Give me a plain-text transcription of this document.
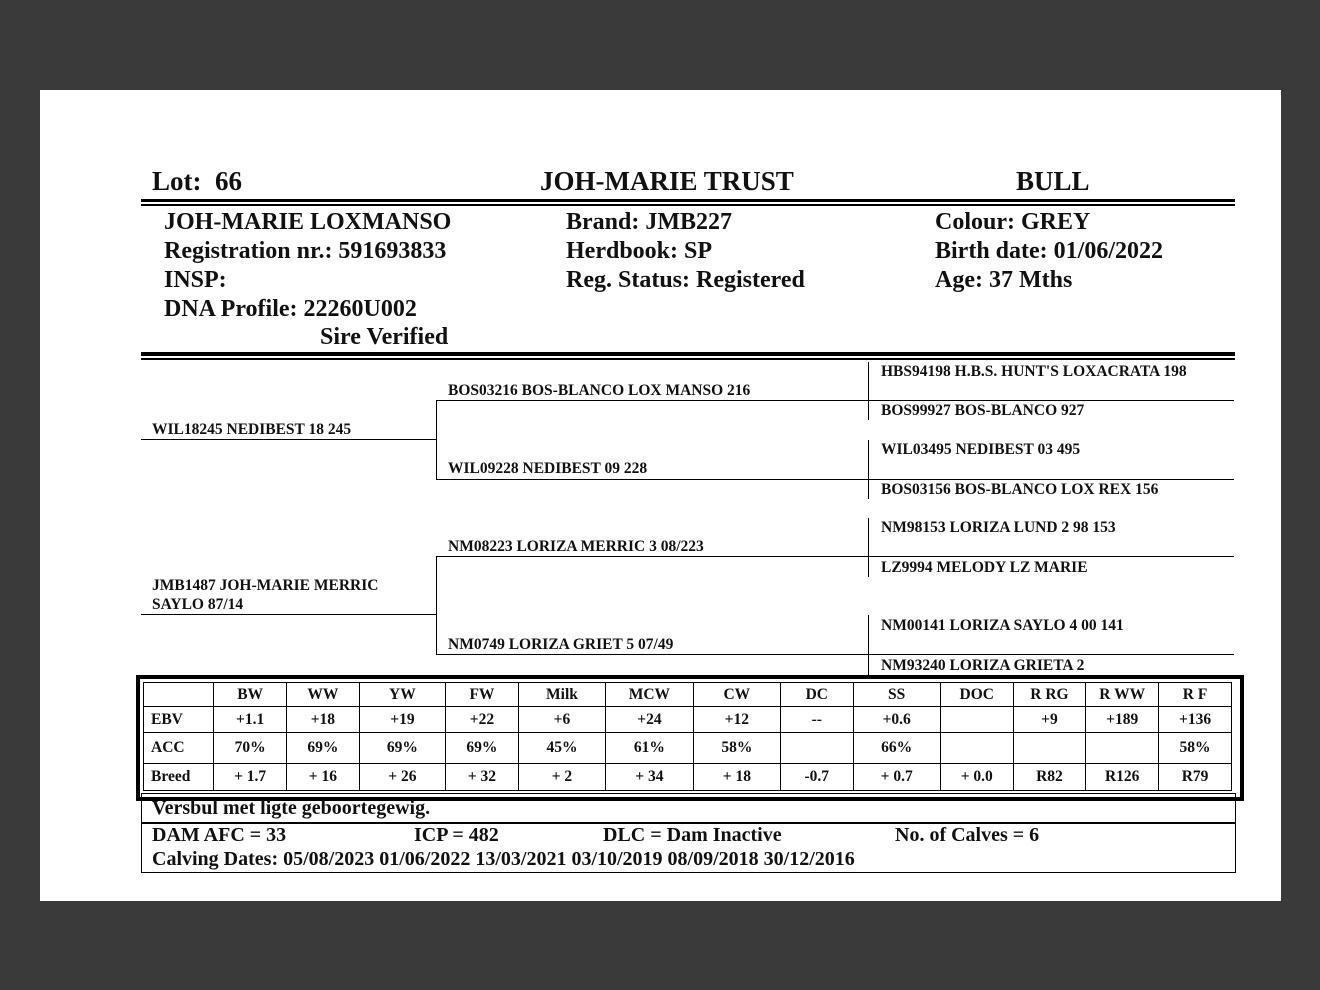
Lot: 66	JOH-MARIE TRUST	BULL
JOH-MARIE LOXMANSO
Registration nr.: 591693833
INSP:
DNA Profile: 22260U002
Sire Verified
Brand: JMB227
Herdbook: SP
Reg. Status: Registered
Colour: GREY
Birth date: 01/06/2022
Age: 37 Mths
WIL18245 NEDIBEST 18 245
JMB1487 JOH-MARIE MERRIC
SAYLO 87/14
BOS03216 BOS-BLANCO LOX MANSO 216
WIL09228 NEDIBEST 09 228
NM08223 LORIZA MERRIC 3 08/223
NM0749 LORIZA GRIET 5 07/49
HBS94198 H.B.S. HUNT'S LOXACRATA 198
BOS99927 BOS-BLANCO 927
WIL03495 NEDIBEST 03 495
BOS03156 BOS-BLANCO LOX REX 156
NM98153 LORIZA LUND 2 98 153
LZ9994 MELODY LZ MARIE
NM00141 LORIZA SAYLO 4 00 141
NM93240 LORIZA GRIETA 2
	BW	WW	YW	FW	Milk	MCW	CW	DC	SS	DOC	R RG	R WW	R F
EBV	+1.1	+18	+19	+22	+6	+24	+12	--	+0.6		+9	+189	+136
ACC	70%	69%	69%	69%	45%	61%	58%		66%				58%
Breed	+ 1.7	+ 16	+ 26	+ 32	+ 2	+ 34	+ 18	-0.7	+ 0.7	+ 0.0	R82	R126	R79
Versbul met ligte geboortegewig.
DAM AFC = 33	ICP = 482	DLC = Dam Inactive	No. of Calves = 6
Calving Dates: 05/08/2023 01/06/2022 13/03/2021 03/10/2019 08/09/2018 30/12/2016
